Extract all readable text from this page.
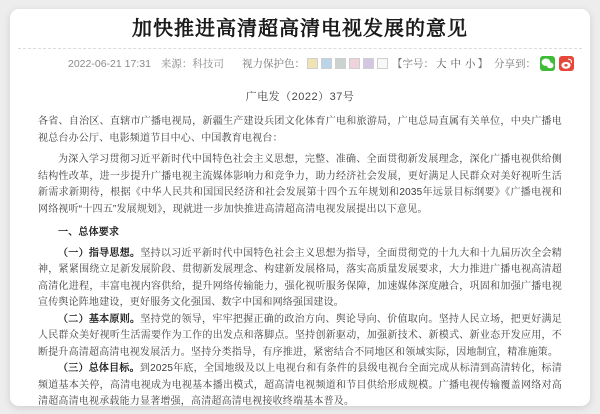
加快推进高清超高清电视发展的意见
2022-06-21 17:31 来源：科技司 视力保护色：	【字号： 大 中 小 】 分享到：
广电发（2022）37号

各省、自治区、直辖市广播电视局，新疆生产建设兵团文化体育广电和旅游局，广电总局直属有关单位，中央广播电视总台办公厅、电影频道节目中心、中国教育电视台：

为深入学习贯彻习近平新时代中国特色社会主义思想，完整、准确、全面贯彻新发展理念，深化广播电视供给侧结构性改革，进一步提升广播电视主流媒体影响力和竞争力，助力经济社会发展，更好满足人民群众对美好视听生活新需求新期待，根据《中华人民共和国国民经济和社会发展第十四个五年规划和2035年远景目标纲要》《广播电视和网络视听“十四五”发展规划》，现就进一步加快推进高清超高清电视发展提出以下意见。

一、总体要求

（一）指导思想。坚持以习近平新时代中国特色社会主义思想为指导，全面贯彻党的十九大和十九届历次全会精神，紧紧围绕立足新发展阶段、贯彻新发展理念、构建新发展格局，落实高质量发展要求，大力推进广播电视高清超高清化进程，丰富电视内容供给，提升网络传输能力，强化视听服务保障，加速媒体深度融合，巩固和加强广播电视宣传舆论阵地建设，更好服务文化强国、数字中国和网络强国建设。

（二）基本原则。坚持党的领导，牢牢把握正确的政治方向、舆论导向、价值取向。坚持人民立场，把更好满足人民群众美好视听生活需要作为工作的出发点和落脚点。坚持创新驱动，加强新技术、新模式、新业态开发应用，不断提升高清超高清电视发展活力。坚持分类指导，有序推进，紧密结合不同地区和领域实际，因地制宜，精准施策。

（三）总体目标。到2025年底，全国地级及以上电视台和有条件的县级电视台全面完成从标清到高清转化，标清频道基本关停，高清电视成为电视基本播出模式，超高清电视频道和节目供给形成规模。广播电视传输覆盖网络对高清超高清电视承载能力显著增强，高清超高清电视接收终端基本普及。
